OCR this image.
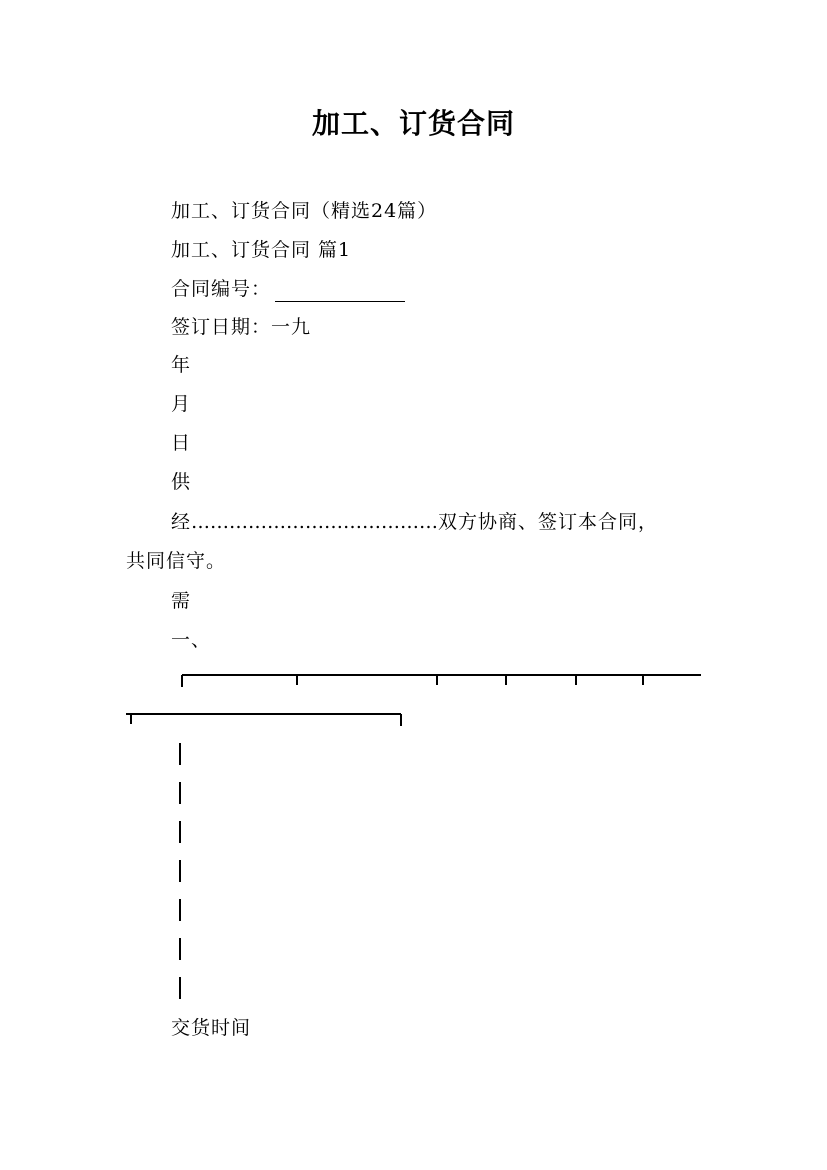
加工、订货合同
加工、订货合同（精选24篇）
加工、订货合同 篇1
合同编号：
签订日期：一九
年
月
日
供
经…………………………………双方协商、签订本合同，
共同信守。
需
一、
交货时间
